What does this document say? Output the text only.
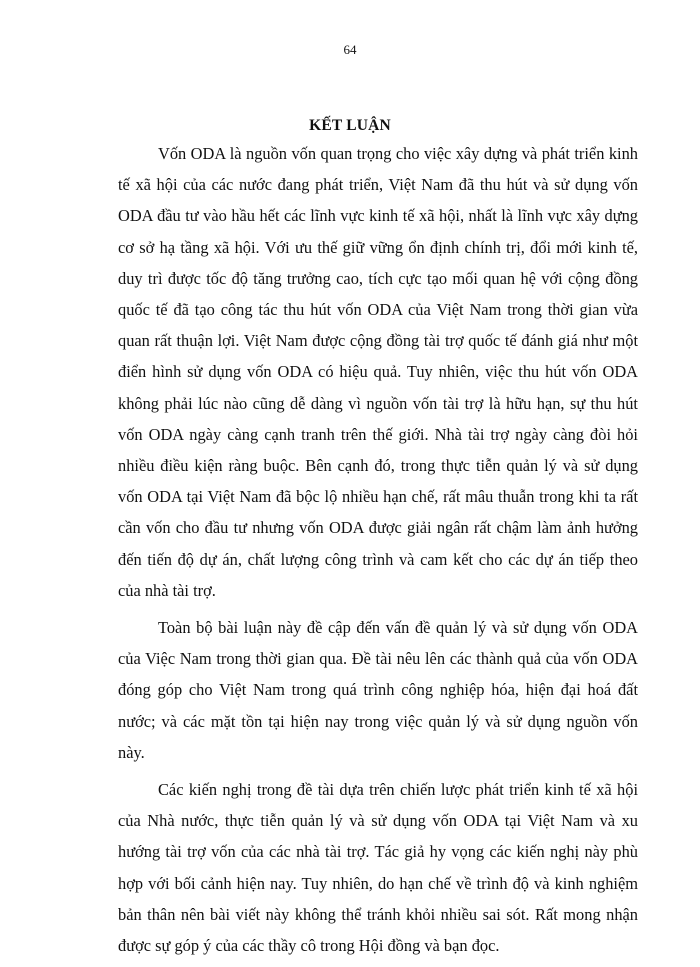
64
KẾT LUẬN

Vốn ODA là nguồn vốn quan trọng cho việc xây dựng và phát triển kinh tế xã hội của các nước đang phát triển, Việt Nam đã thu hút và sử dụng vốn ODA đầu tư vào hầu hết các lĩnh vực kinh tế xã hội, nhất là lĩnh vực xây dựng cơ sở hạ tầng xã hội. Với ưu thế giữ vững ổn định chính trị, đổi mới kinh tế, duy trì được tốc độ tăng trưởng cao, tích cực tạo mối quan hệ với cộng đồng quốc tế đã tạo công tác thu hút vốn ODA của Việt Nam trong thời gian vừa quan rất thuận lợi. Việt Nam được cộng đồng tài trợ quốc tế đánh giá như một điển hình sử dụng vốn ODA có hiệu quả. Tuy nhiên, việc thu hút vốn ODA không phải lúc nào cũng dễ dàng vì nguồn vốn tài trợ là hữu hạn, sự thu hút vốn ODA ngày càng cạnh tranh trên thế giới. Nhà tài trợ ngày càng đòi hỏi nhiều điều kiện ràng buộc. Bên cạnh đó, trong thực tiễn quản lý và sử dụng vốn ODA tại Việt Nam đã bộc lộ nhiều hạn chế, rất mâu thuẫn trong khi ta rất cần vốn cho đầu tư nhưng vốn ODA được giải ngân rất chậm làm ảnh hưởng đến tiến độ dự án, chất lượng công trình và cam kết cho các dự án tiếp theo của nhà tài trợ.

Toàn bộ bài luận này đề cập đến vấn đề quản lý và sử dụng vốn ODA của Việc Nam trong thời gian qua. Đề tài nêu lên các thành quả của vốn ODA đóng góp cho Việt Nam trong quá trình công nghiệp hóa, hiện đại hoá đất nước; và các mặt tồn tại hiện nay trong việc quản lý và sử dụng nguồn vốn này.

Các kiến nghị trong đề tài dựa trên chiến lược phát triển kinh tế xã hội của Nhà nước, thực tiễn quản lý và sử dụng vốn ODA tại Việt Nam và xu hướng tài trợ vốn của các nhà tài trợ. Tác giả hy vọng các kiến nghị này phù hợp với bối cảnh hiện nay. Tuy nhiên, do hạn chế về trình độ và kinh nghiệm bản thân nên bài viết này không thể tránh khỏi nhiều sai sót. Rất mong nhận được sự góp ý của các thầy cô trong Hội đồng và bạn đọc.
